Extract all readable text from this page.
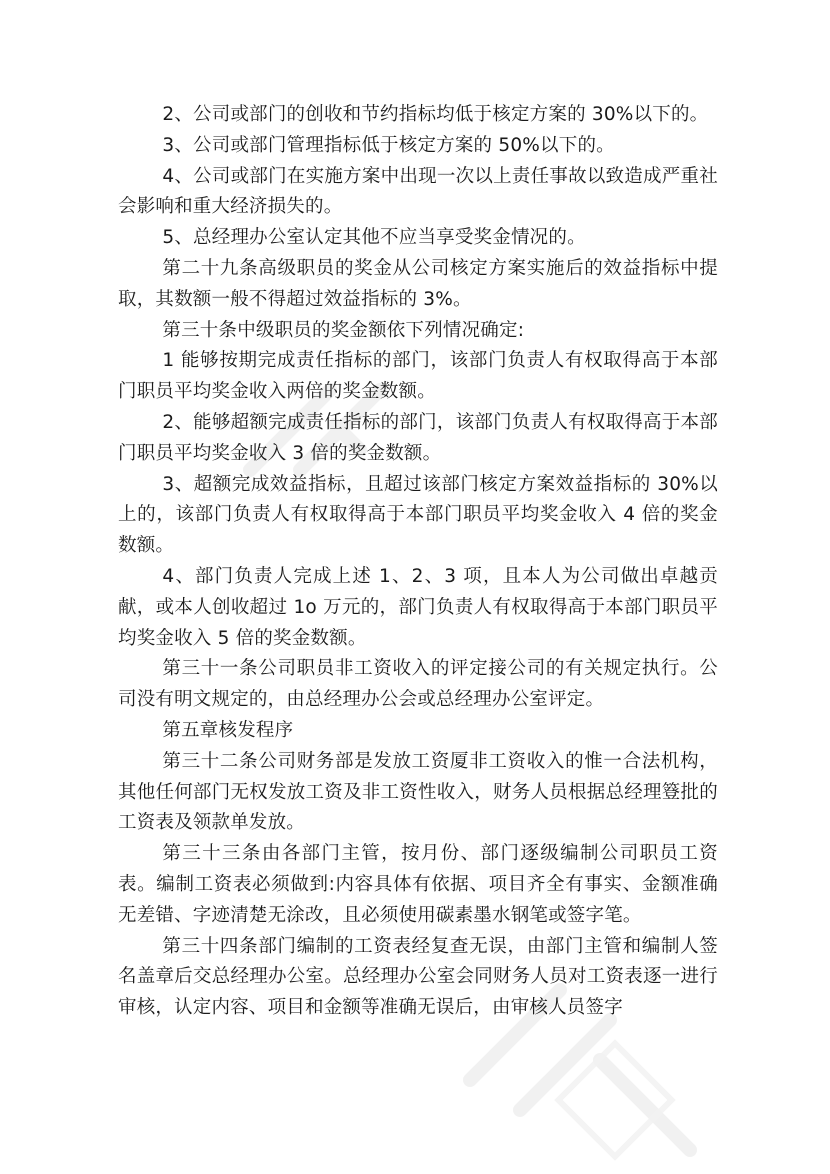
2、公司或部门的创收和节约指标均低于核定方案的 30%以下的。

3、公司或部门管理指标低于核定方案的 50%以下的。

4、公司或部门在实施方案中出现一次以上责任事故以致造成严重社会影响和重大经济损失的。

5、总经理办公室认定其他不应当享受奖金情况的。

第二十九条高级职员的奖金从公司核定方案实施后的效益指标中提取，其数额一般不得超过效益指标的 3%。

第三十条中级职员的奖金额依下列情况确定:

1 能够按期完成责任指标的部门，该部门负责人有权取得高于本部门职员平均奖金收入两倍的奖金数额。

2、能够超额完成责任指标的部门，该部门负责人有权取得高于本部门职员平均奖金收入 3 倍的奖金数额。

3、超额完成效益指标，且超过该部门核定方案效益指标的 30%以上的，该部门负责人有权取得高于本部门职员平均奖金收入 4 倍的奖金数额。

4、部门负责人完成上述 1、2、3 项，且本人为公司做出卓越贡献，或本人创收超过 1o 万元的，部门负责人有权取得高于本部门职员平均奖金收入 5 倍的奖金数额。

第三十一条公司职员非工资收入的评定接公司的有关规定执行。公司没有明文规定的，由总经理办公会或总经理办公室评定。

第五章核发程序

第三十二条公司财务部是发放工资厦非工资收入的惟一合法机构，其他任何部门无权发放工资及非工资性收入，财务人员根据总经理簦批的工资表及领款单发放。

第三十三条由各部门主管，按月份、部门逐级编制公司职员工资表。编制工资表必须做到:内容具体有依据、项目齐全有事实、金额准确无差错、字迹清楚无涂改，且必须使用碳素墨水钢笔或签字笔。

第三十四条部门编制的工资表经复查无误，由部门主管和编制人签名盖章后交总经理办公室。总经理办公室会同财务人员对工资表逐一进行审核，认定内容、项目和金额等准确无误后，由审核人员签字
